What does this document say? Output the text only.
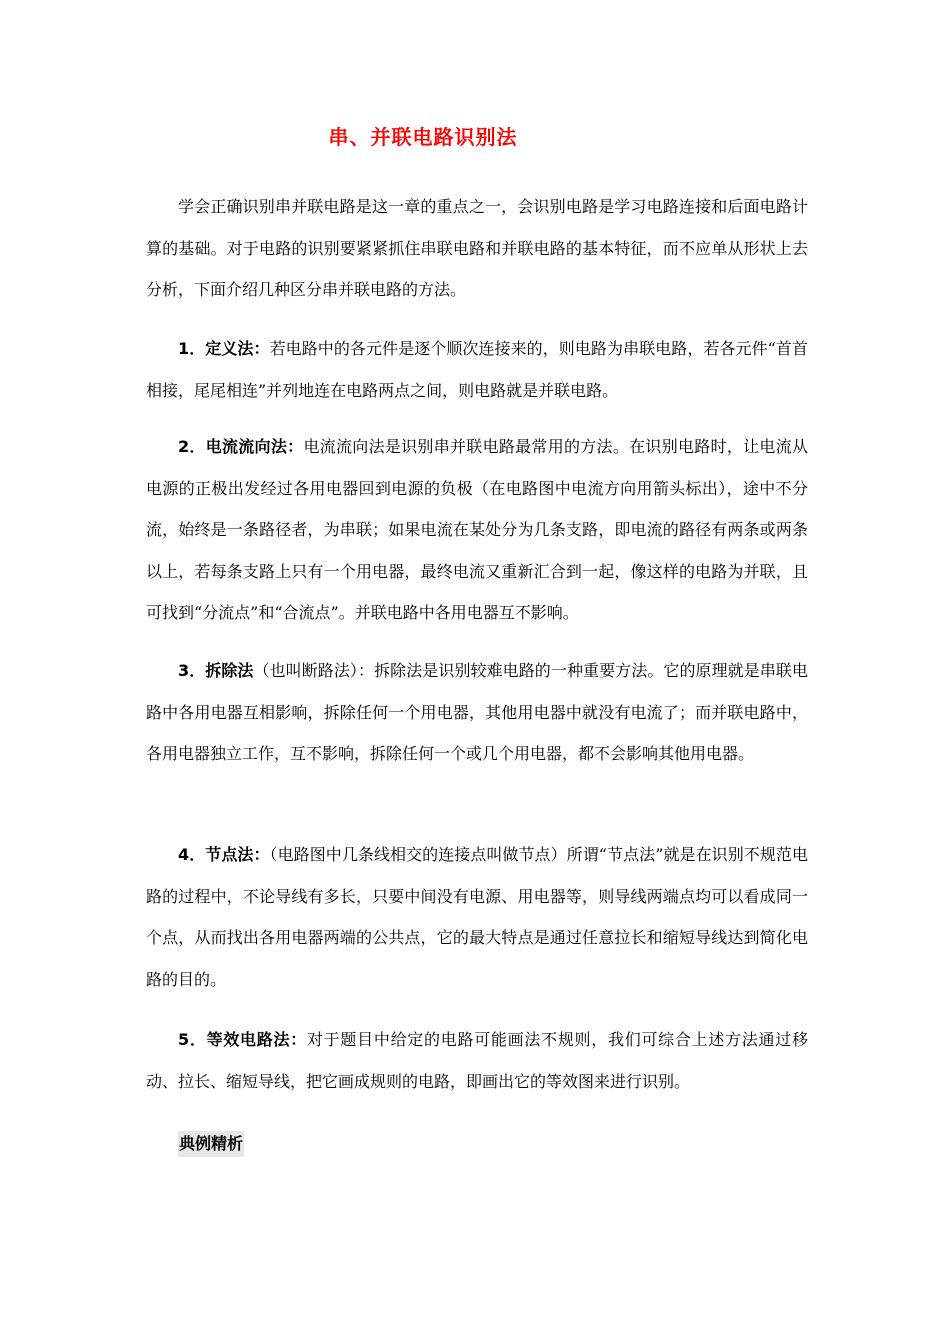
串、并联电路识别法

学会正确识别串并联电路是这一章的重点之一，会识别电路是学习电路连接和后面电路计算的基础。对于电路的识别要紧紧抓住串联电路和并联电路的基本特征，而不应单从形状上去分析，下面介绍几种区分串并联电路的方法。

1．定义法：若电路中的各元件是逐个顺次连接来的，则电路为串联电路，若各元件“首首相接，尾尾相连”并列地连在电路两点之间，则电路就是并联电路。

2．电流流向法：电流流向法是识别串并联电路最常用的方法。在识别电路时，让电流从电源的正极出发经过各用电器回到电源的负极（在电路图中电流方向用箭头标出），途中不分流，始终是一条路径者，为串联；如果电流在某处分为几条支路，即电流的路径有两条或两条以上，若每条支路上只有一个用电器，最终电流又重新汇合到一起，像这样的电路为并联，且可找到“分流点”和“合流点”。并联电路中各用电器互不影响。

3．拆除法（也叫断路法）：拆除法是识别较难电路的一种重要方法。它的原理就是串联电路中各用电器互相影响，拆除任何一个用电器，其他用电器中就没有电流了；而并联电路中，各用电器独立工作，互不影响，拆除任何一个或几个用电器，都不会影响其他用电器。

4．节点法：（电路图中几条线相交的连接点叫做节点）所谓“节点法”就是在识别不规范电路的过程中，不论导线有多长，只要中间没有电源、用电器等，则导线两端点均可以看成同一个点，从而找出各用电器两端的公共点，它的最大特点是通过任意拉长和缩短导线达到简化电路的目的。

5．等效电路法：对于题目中给定的电路可能画法不规则，我们可综合上述方法通过移动、拉长、缩短导线，把它画成规则的电路，即画出它的等效图来进行识别。

典例精析
